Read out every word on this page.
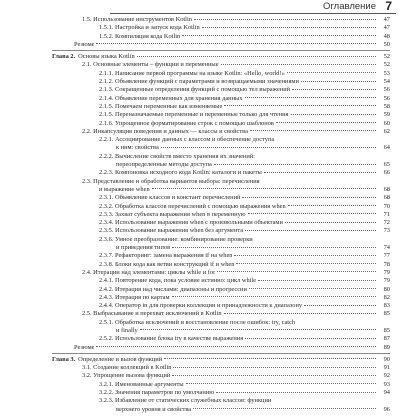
Оглавление 7
1.5. Использование инструментов Kotlin	47
1.5.1. Настройка и запуск кода Kotlin	47
1.5.2. Компиляция кода Kotlin	48
Резюме	50
Глава 2. Основы языка Kotlin	52
2.1. Основные элементы – функции и переменные	52
2.1.1. Написание первой программы на языке Kotlin: «Hello, world!»	53
2.1.2. Объявление функций с параметрами и возвращаемыми значениями	54
2.1.3. Сокращенные определения функций с помощью тел выражений	56
2.1.4. Объявление переменных для хранения данных	56
2.1.5. Помечаем переменные как изменяемые	58
2.1.5. Переназначаемые переменные и переменные только для чтения	59
2.1.6. Упрощенное форматирование строк с помощью шаблонов	60
2.2. Инкапсуляция поведения и данных — классы и свойства	62
2.2.1. Ассоциирование данных с классом и обеспечение доступа
к ним: свойства	64
2.2.2. Вычисление свойств вместо хранения их значений:
переопределенные методы доступа	65
2.2.3. Компоновка исходного кода Kotlin: каталоги и пакеты	66
2.3. Представление и обработка вариантов выбора: перечисления
и выражение when	68
2.3.1. Объявление классов и констант перечислений	68
2.3.2. Обработка классов перечислений с помощью выражения when	70
2.3.3. Захват субъекта выражения when в переменную	71
2.3.4. Использование выражения when с произвольными объектами	72
2.3.5. Использование выражения when без аргумента	73
2.3.6. Умное преобразование: комбинирование проверки
и приведения типов	74
2.3.7. Рефакторинг: замена выражения if на when	77
2.3.8. Блоки кода как ветви конструкций if и when	78
2.4. Итерации над элементами: циклы while и for	79
2.4.1. Повторение кода, пока условие истинно: цикл while	79
2.4.2. Итерация над числами: диапазоны и прогрессии	80
2.4.3. Итерация по картам	82
2.4.4. Оператор in для проверки коллекции и принадлежности к диапазону	83
2.5. Выбрасывание и перехват исключений в Kotlin	85
2.5.1. Обработка исключений и восстановление после ошибок: try, catch
и finally	85
2.5.2. Использование блока try в качестве выражения	87
Резюме	89
Глава 3. Определение и вызов функций	90
3.1. Создание коллекций в Kotlin	91
3.2. Упрощение вызова функций	92
3.2.1. Именованные аргументы	93
3.2.2. Значения параметров по умолчанию	94
3.2.3. Избавление от статических служебных классов: функции
верхнего уровня и свойства	96
